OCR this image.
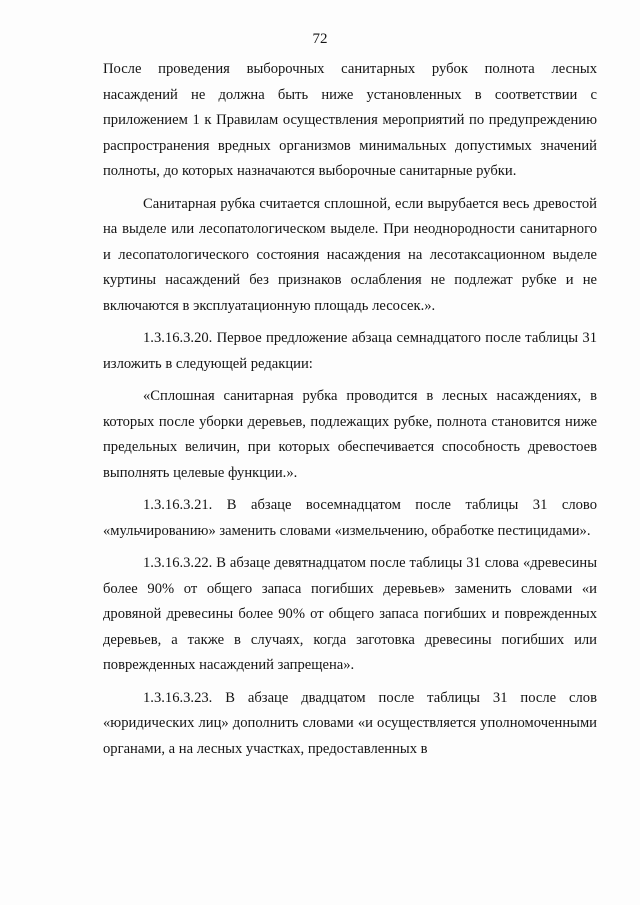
72

После проведения выборочных санитарных рубок полнота лесных насаждений не должна быть ниже установленных в соответствии с приложением 1 к Правилам осуществления мероприятий по предупреждению распространения вредных организмов минимальных допустимых значений полноты, до которых назначаются выборочные санитарные рубки.

Санитарная рубка считается сплошной, если вырубается весь древостой на выделе или лесопатологическом выделе. При неоднородности санитарного и лесопатологического состояния насаждения на лесотаксационном выделе куртины насаждений без признаков ослабления не подлежат рубке и не включаются в эксплуатационную площадь лесосек.».

1.3.16.3.20. Первое предложение абзаца семнадцатого после таблицы 31 изложить в следующей редакции:

«Сплошная санитарная рубка проводится в лесных насаждениях, в которых после уборки деревьев, подлежащих рубке, полнота становится ниже предельных величин, при которых обеспечивается способность древостоев выполнять целевые функции.».

1.3.16.3.21. В абзаце восемнадцатом после таблицы 31 слово «мульчированию» заменить словами «измельчению, обработке пестицидами».

1.3.16.3.22. В абзаце девятнадцатом после таблицы 31 слова «древесины более 90% от общего запаса погибших деревьев» заменить словами «и дровяной древесины более 90% от общего запаса погибших и поврежденных деревьев, а также в случаях, когда заготовка древесины погибших или поврежденных насаждений запрещена».

1.3.16.3.23. В абзаце двадцатом после таблицы 31 после слов «юридических лиц» дополнить словами «и осуществляется уполномоченными органами, а на лесных участках, предоставленных в
